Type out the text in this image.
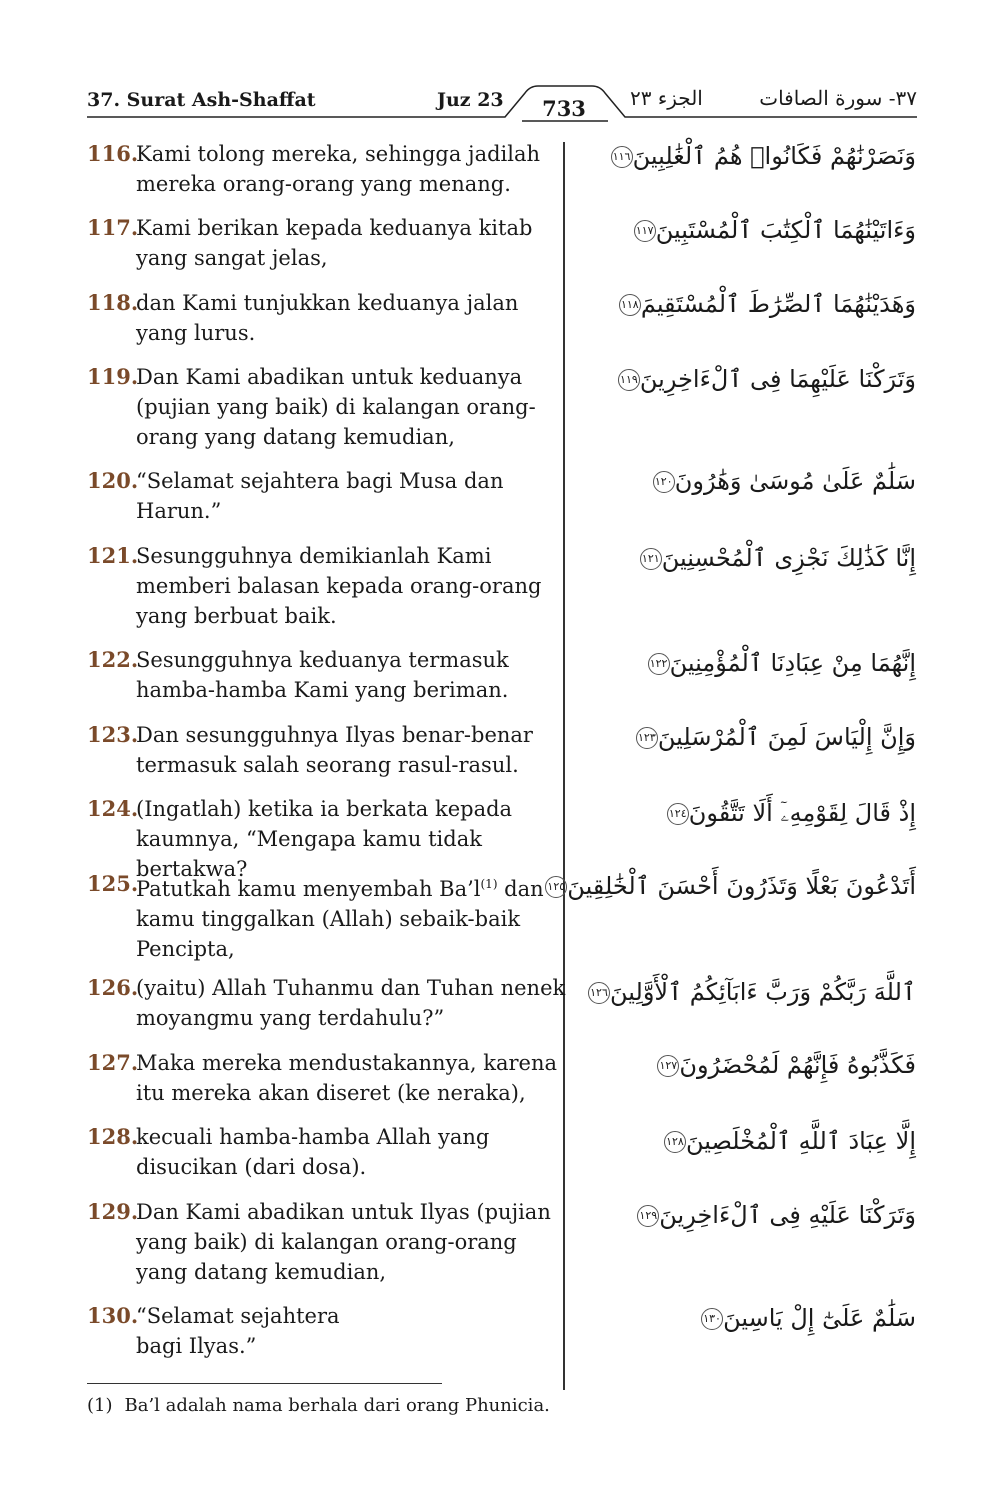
37. Surat Ash-Shaffat	Juz 23	733	الجزء ٢٣	٣٧- سورة الصافات
116.
Kami tolong mereka, sehingga jadilah mereka orang-orang yang menang.
117.
Kami berikan kepada keduanya kitab yang sangat jelas,
118.
dan Kami tunjukkan keduanya jalan yang lurus.
119.
Dan Kami abadikan untuk keduanya (pujian yang baik) di kalangan orang-orang yang datang kemudian,
120.
“Selamat sejahtera bagi Musa dan Harun.”
121.
Sesungguhnya demikianlah Kami memberi balasan kepada orang-orang yang berbuat baik.
122.
Sesungguhnya keduanya termasuk hamba-hamba Kami yang beriman.
123.
Dan sesungguhnya Ilyas benar-benar termasuk salah seorang rasul-rasul.
124.
(Ingatlah) ketika ia berkata kepada kaumnya, “Mengapa kamu tidak bertakwa?
125.
Patutkah kamu menyembah $Ba’l^{(1)}$ dan kamu tinggalkan (Allah) sebaik-baik Pencipta,
126.
(yaitu) Allah Tuhanmu dan Tuhan nenek moyangmu yang terdahulu?”
127.
Maka mereka mendustakannya, karena itu mereka akan diseret (ke neraka),
128.
kecuali hamba-hamba Allah yang disucikan (dari dosa).
129.
Dan Kami abadikan untuk Ilyas (pujian yang baik) di kalangan orang-orang yang datang kemudian,
130.
“Selamat sejahtera bagi Ilyas.”
وَنَصَرْنَٰهُمْ فَكَانُوا۟ هُمُ ٱلْغَٰلِبِينَ١١٦
وَءَاتَيْنَٰهُمَا ٱلْكِتَٰبَ ٱلْمُسْتَبِينَ١١٧
وَهَدَيْنَٰهُمَا ٱلصِّرَٰطَ ٱلْمُسْتَقِيمَ١١٨
وَتَرَكْنَا عَلَيْهِمَا فِى ٱلْءَاخِرِينَ١١٩
سَلَٰمٌ عَلَىٰ مُوسَىٰ وَهَٰرُونَ١٢٠
إِنَّا كَذَٰلِكَ نَجْزِى ٱلْمُحْسِنِينَ١٢١
إِنَّهُمَا مِنْ عِبَادِنَا ٱلْمُؤْمِنِينَ١٢٢
وَإِنَّ إِلْيَاسَ لَمِنَ ٱلْمُرْسَلِينَ١٢٣
إِذْ قَالَ لِقَوْمِهِۦٓ أَلَا تَتَّقُونَ١٢٤
أَتَدْعُونَ بَعْلًا وَتَذَرُونَ أَحْسَنَ ٱلْخَٰلِقِينَ١٢٥
ٱللَّهَ رَبَّكُمْ وَرَبَّ ءَابَآئِكُمُ ٱلْأَوَّلِينَ١٢٦
فَكَذَّبُوهُ فَإِنَّهُمْ لَمُحْضَرُونَ١٢٧
إِلَّا عِبَادَ ٱللَّهِ ٱلْمُخْلَصِينَ١٢٨
وَتَرَكْنَا عَلَيْهِ فِى ٱلْءَاخِرِينَ١٢٩
سَلَٰمٌ عَلَىٰٓ إِلْ يَاسِينَ١٣٠
(1) Ba’l adalah nama berhala dari orang Phunicia.
